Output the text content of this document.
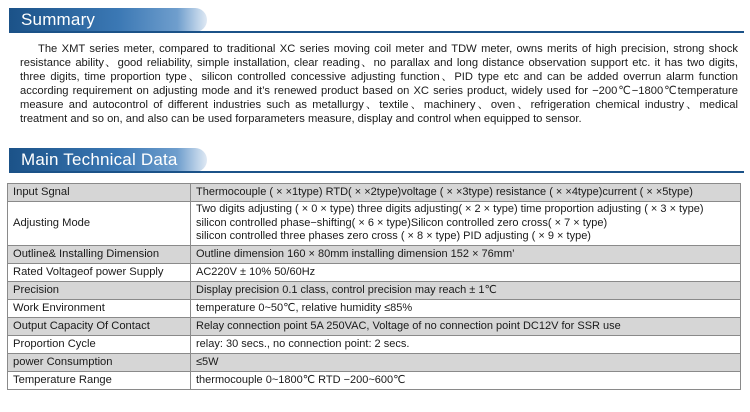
Summary

The XMT series meter, compared to traditional XC series moving coil meter and TDW meter, owns merits of high precision, strong shock resistance ability、good reliability, simple installation, clear reading、no parallax and long distance observation support etc. it has two digits, three digits, time proportion type、silicon controlled concessive adjusting function、PID type etc and can be added overrun alarm function according requirement on adjusting mode and it’s renewed product based on XC series product, widely used for −200℃−1800℃temperature measure and autocontrol of different industries such as metallurgy、textile、machinery、oven、refrigeration chemical industry、medical treatment and so on, and also can be used forparameters measure, display and control when equipped to sensor.

Main Technical Data
Input Sgnal	Thermocouple ( × ×1type) RTD( × ×2type)voltage ( × ×3type) resistance ( × ×4type)current ( × ×5type)
Adjusting Mode	Two digits adjusting ( × 0 × type) three digits adjusting( × 2 × type) time proportion adjusting ( × 3 × type)
silicon controlled phase−shifting( × 6 × type)Silicon controlled zero cross( × 7 × type)
silicon controlled three phases zero cross ( × 8 × type) PID adjusting ( × 9 × type)

Outline& Installing Dimension	Outline dimension 160 × 80mm installing dimension 152 × 76mm’
Rated Voltageof power Supply	AC220V ± 10% 50/60Hz
Precision	Display precision 0.1 class, control precision may reach ± 1℃
Work Environment	temperature 0~50℃, relative humidity ≤85%
Output Capacity Of Contact	Relay connection point 5A 250VAC, Voltage of no connection point DC12V for SSR use
Proportion Cycle	relay: 30 secs., no connection point: 2 secs.
power Consumption	≤5W
Temperature Range	thermocouple 0~1800℃ RTD −200~600℃
